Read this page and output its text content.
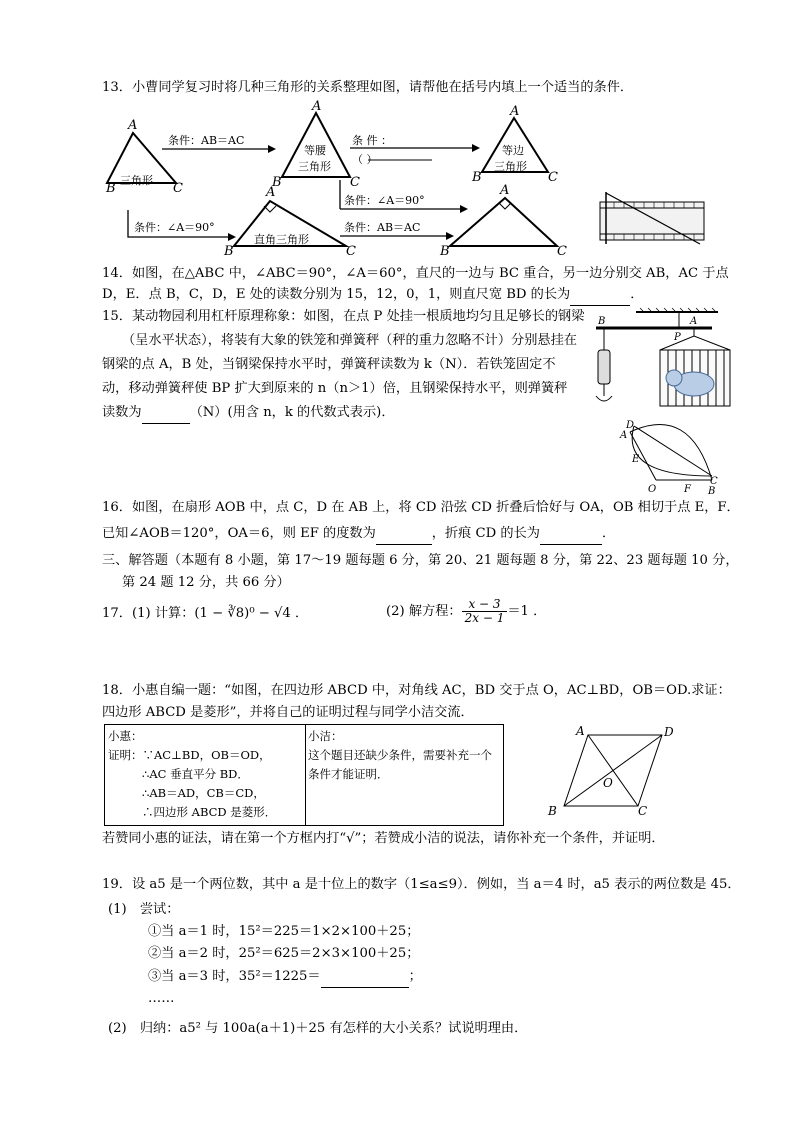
13．小曹同学复习时将几种三角形的关系整理如图，请帮他在括号内填上一个适当的条件．
A
B	C
A
B	C
A
B	C
A
B	C
A
B	C
三角形
等腰
三角形
等边
三角形
直角三角形
条件：AB＝AC	条 件 ：
（ ）
条件：∠A＝90°
条件：∠A＝90°	条件：AB＝AC
B	A
P
D
A
E
O	F
C
B
A	D
O
B	C
14．如图，在△ABC 中，∠ABC＝90°，∠A＝60°，直尺的一边与 BC 重合，另一边分别交 AB，AC 于点
D，E．点 B，C，D，E 处的读数分别为 15，12，0，1，则直尺宽 BD 的长为	．
15．某动物园利用杠杆原理称象：如图，在点 P 处挂一根质地均匀且足够长的钢梁
（呈水平状态），将装有大象的铁笼和弹簧秤（秤的重力忽略不计）分别悬挂在
钢梁的点 A，B 处，当钢梁保持水平时，弹簧秤读数为 k（N）．若铁笼固定不
动，移动弹簧秤使 BP 扩大到原来的 n（n＞1）倍，且钢梁保持水平，则弹簧秤
读数为	（N）(用含 n，k 的代数式表示)．
16．如图，在扇形 AOB 中，点 C，D 在 AB 上，将 CD 沿弦 CD 折叠后恰好与 OA，OB 相切于点 E，F．
已知∠AOB＝120°，OA＝6，则 EF 的度数为	，折痕 CD 的长为	．
三、解答题（本题有 8 小题，第 17～19 题每题 6 分，第 20、21 题每题 8 分，第 22、23 题每题 10 分，
第 24 题 12 分，共 66 分）
17．(1) 计算：(1 − ∛8)⁰ − √4 ．	(2) 解方程： $\frac{x - 3}{2x - 1} =1$ ．
18．小惠自编一题：“如图，在四边形 ABCD 中，对角线 AC，BD 交于点 O，AC⊥BD，OB＝OD.求证：
四边形 ABCD 是菱形”，并将自己的证明过程与同学小洁交流．
小惠：
证明：∵AC⊥BD，OB＝OD，
∴AC 垂直平分 BD．
∴AB＝AD，CB＝CD，
∴四边形 ABCD 是菱形．
小洁：
这个题目还缺少条件，需要补充一个
条件才能证明．
若赞同小惠的证法，请在第一个方框内打“√”；若赞成小洁的说法，请你补充一个条件，并证明．
19．设 a5 是一个两位数，其中 a 是十位上的数字（1≤a≤9）．例如，当 a＝4 时，a5 表示的两位数是 45．
(1)　尝试：
①当 a＝1 时，15²＝225＝1×2×100＋25；
②当 a＝2 时，25²＝625＝2×3×100＋25；
③当 a＝3 时，35²＝1225＝	；
……
(2)　归纳：a5² 与 100a(a＋1)＋25 有怎样的大小关系？试说明理由．
